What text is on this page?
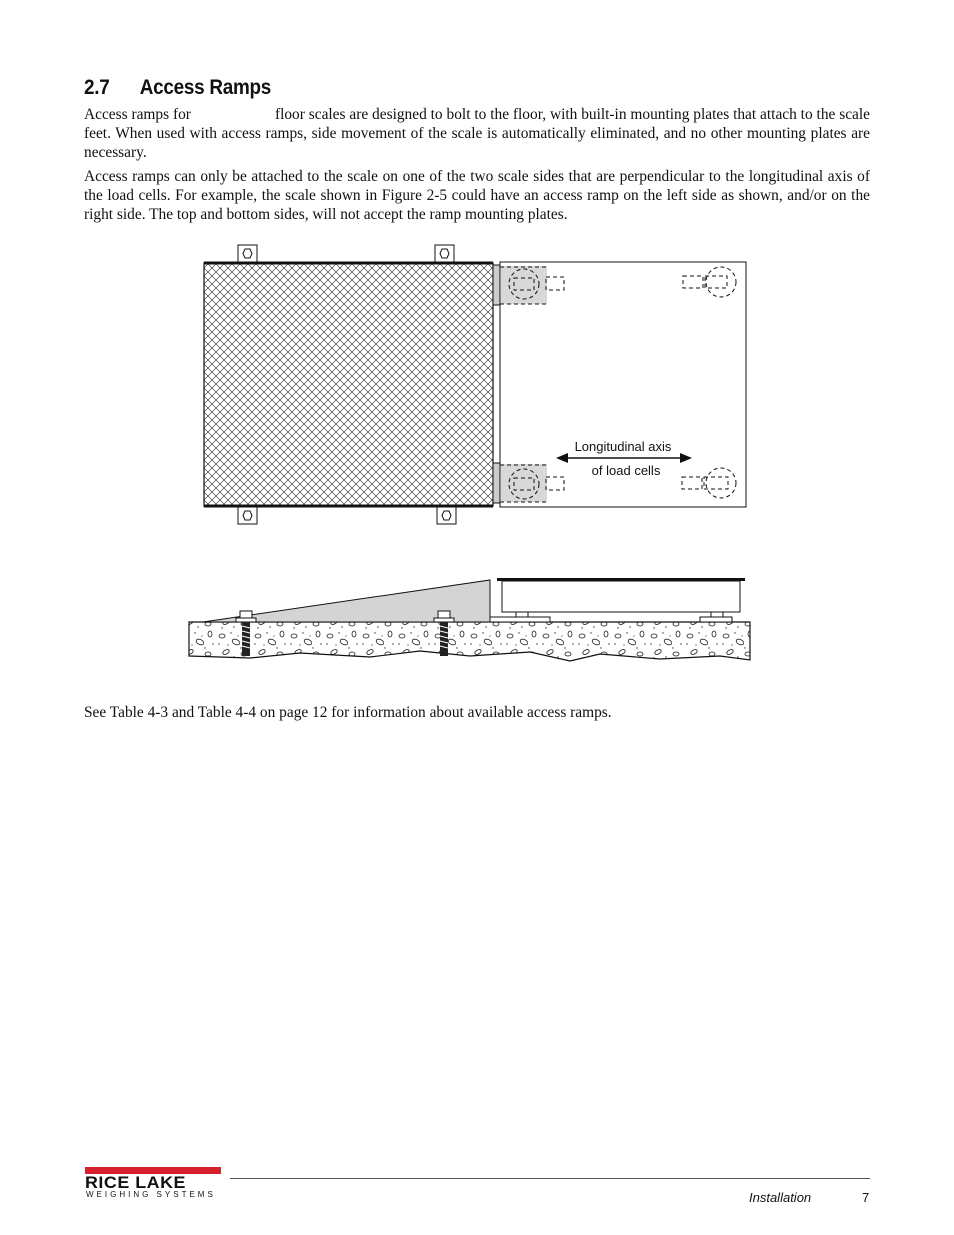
2.7 Access Ramps

Access ramps for	floor scales are designed to bolt to the floor, with built-in mounting plates that attach to the scale feet. When used with access ramps, side movement of the scale is automatically eliminated, and no other mounting plates are necessary.

Access ramps can only be attached to the scale on one of the two scale sides that are perpendicular to the longitudinal axis of the load cells. For example, the scale shown in Figure 2-5 could have an access ramp on the left side as shown, and/or on the right side. The top and bottom sides, will not accept the ramp mounting plates.

Longitudinal axis
of load cells

See Table 4-3 and Table 4-4 on page 12 for information about available access ramps.

RICE LAKE
WEIGHING SYSTEMS	Installation	7
